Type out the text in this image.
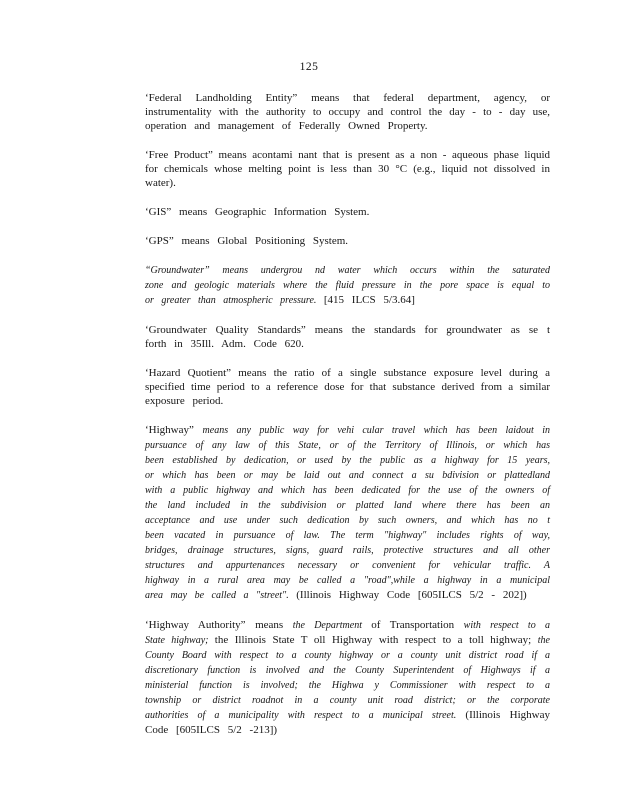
125
‘Federal Landholding Entity” means that federal department, agency, or
instrumentality with the authority to occupy and control the day - to - day use,
operation and management of Federally Owned Property.
‘Free Product” means acontami nant that is present as a non - aqueous phase liquid
for chemicals whose melting point is less than 30 °C (e.g., liquid not dissolved in
water).
‘GIS” means Geographic Information System.
‘GPS” means Global Positioning System.
“Groundwater” means undergrou nd water which occurs within the saturated
zone and geologic materials where the fluid pressure in the pore space is equal to
or greater than atmospheric pressure. [415 ILCS 5/3.64]
‘Groundwater Quality Standards” means the standards for groundwater as se t
forth in 35Ill. Adm. Code 620.
‘Hazard Quotient” means the ratio of a single substance exposure level during a
specified time period to a reference dose for that substance derived from a similar
exposure period.
‘Highway” means any public way for vehi cular travel which has been laidout in
pursuance of any law of this State, or of the Territory of Illinois, or which has
been established by dedication, or used by the public as a highway for 15 years,
or which has been or may be laid out and connect a su bdivision or plattedland
with a public highway and which has been dedicated for the use of the owners of
the land included in the subdivision or platted land where there has been an
acceptance and use under such dedication by such owners, and which has no t
been vacated in pursuance of law. The term "highway" includes rights of way,
bridges, drainage structures, signs, guard rails, protective structures and all other
structures and appurtenances necessary or convenient for vehicular traffic. A
highway in a rural area may be called a "road",while a highway in a municipal
area may be called a "street". (Illinois Highway Code [605ILCS 5/2 - 202])
‘Highway Authority” means the Department of Transportation with respect to a
State highway; the Illinois State T oll Highway with respect to a toll highway; the
County Board with respect to a county highway or a county unit district road if a
discretionary function is involved and the County Superintendent of Highways if a
ministerial function is involved; the Highwa y Commissioner with respect to a
township or district roadnot in a county unit road district; or the corporate
authorities of a municipality with respect to a municipal street. (Illinois Highway
Code [605ILCS 5/2 -213])
